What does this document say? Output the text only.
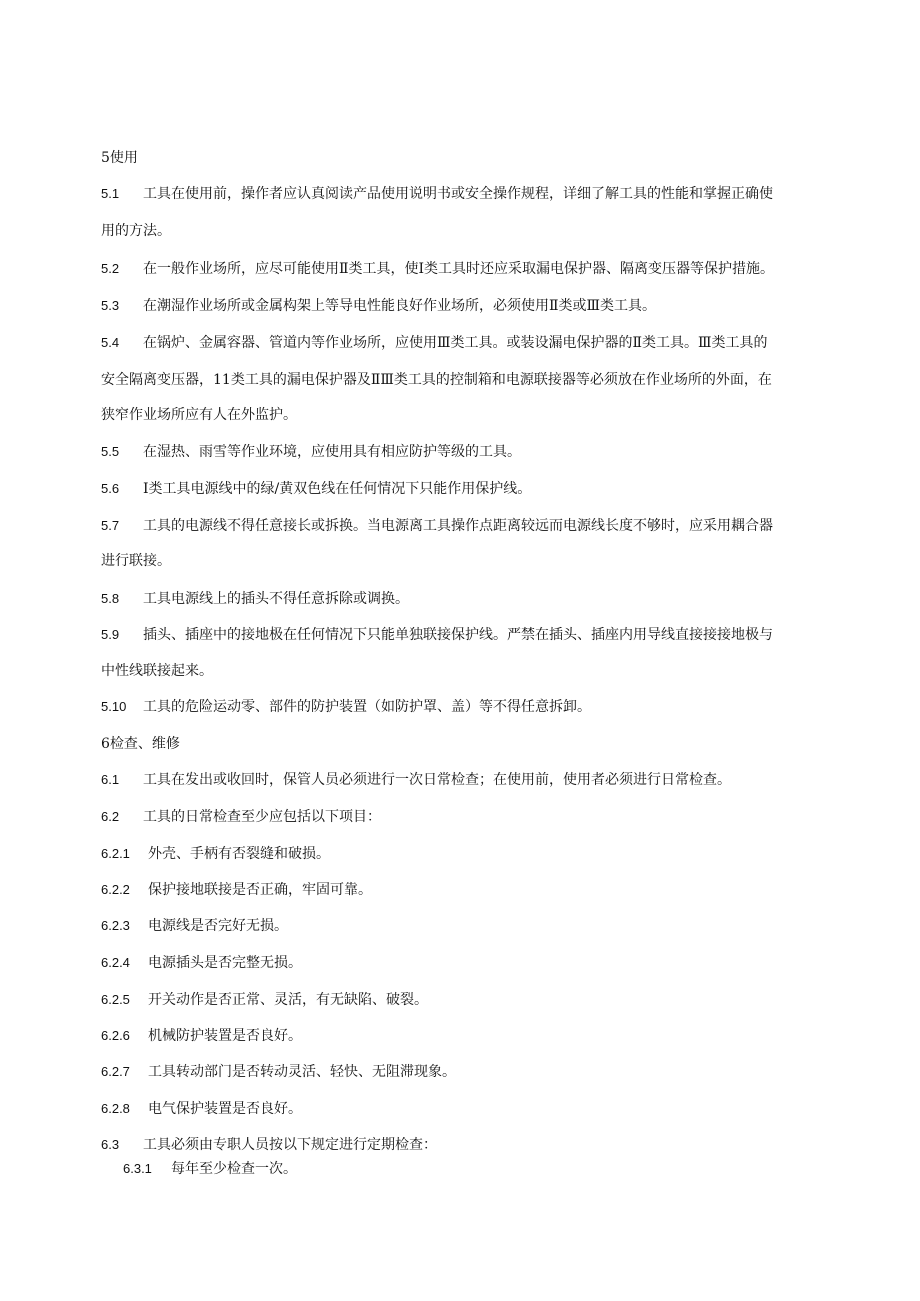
5使用
5.1 工具在使用前，操作者应认真阅读产品使用说明书或安全操作规程，详细了解工具的性能和掌握正确使
用的方法。
5.2 在一般作业场所，应尽可能使用Ⅱ类工具，使Ⅰ类工具时还应采取漏电保护器、隔离变压器等保护措施。
5.3 在潮湿作业场所或金属构架上等导电性能良好作业场所，必须使用Ⅱ类或Ⅲ类工具。
5.4 在锅炉、金属容器、管道内等作业场所，应使用Ⅲ类工具。或装设漏电保护器的Ⅱ类工具。Ⅲ类工具的
安全隔离变压器，11类工具的漏电保护器及ⅡⅢ类工具的控制箱和电源联接器等必须放在作业场所的外面，在
狭窄作业场所应有人在外监护。
5.5 在湿热、雨雪等作业环境，应使用具有相应防护等级的工具。
5.6 Ⅰ类工具电源线中的绿/黄双色线在任何情况下只能作用保护线。
5.7 工具的电源线不得任意接长或拆换。当电源离工具操作点距离较远而电源线长度不够时，应采用耦合器
进行联接。
5.8 工具电源线上的插头不得任意拆除或调换。
5.9 插头、插座中的接地极在任何情况下只能单独联接保护线。严禁在插头、插座内用导线直接接接地极与
中性线联接起来。
5.10 工具的危险运动零、部件的防护装置（如防护罩、盖）等不得任意拆卸。
6检查、维修
6.1 工具在发出或收回时，保管人员必须进行一次日常检查；在使用前，使用者必须进行日常检查。
6.2 工具的日常检查至少应包括以下项目：
6.2.1 外壳、手柄有否裂缝和破损。
6.2.2 保护接地联接是否正确，牢固可靠。
6.2.3 电源线是否完好无损。
6.2.4 电源插头是否完整无损。
6.2.5 开关动作是否正常、灵活，有无缺陷、破裂。
6.2.6 机械防护装置是否良好。
6.2.7 工具转动部门是否转动灵活、轻快、无阻滞现象。
6.2.8 电气保护装置是否良好。
6.3 工具必须由专职人员按以下规定进行定期检查：
6.3.1 每年至少检查一次。
